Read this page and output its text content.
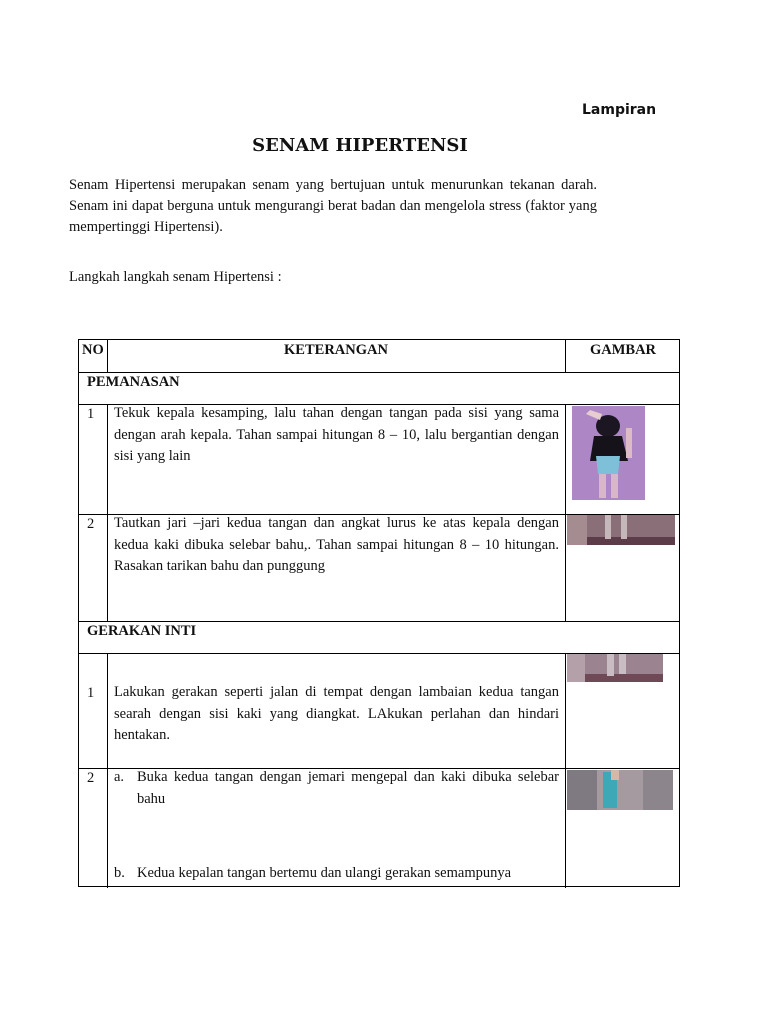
Lampiran
SENAM HIPERTENSI
Senam Hipertensi merupakan senam yang bertujuan untuk menurunkan tekanan darah. Senam ini dapat berguna untuk mengurangi berat badan dan mengelola stress (faktor yang mempertinggi Hipertensi).
Langkah langkah senam Hipertensi :
NO	KETERANGAN	GAMBAR
PEMANASAN
1 Tekuk kepala kesamping, lalu tahan dengan tangan pada sisi yang sama dengan arah kepala. Tahan sampai hitungan 8 – 10, lalu bergantian dengan sisi yang lain
2 Tautkan jari –jari kedua tangan dan angkat lurus ke atas kepala dengan kedua kaki dibuka selebar bahu,. Tahan sampai hitungan 8 – 10 hitungan. Rasakan tarikan bahu dan punggung
GERAKAN INTI
1 Lakukan gerakan seperti jalan di tempat dengan lambaian kedua tangan searah dengan sisi kaki yang diangkat. LAkukan perlahan dan hindari hentakan.
2 a. Buka kedua tangan dengan jemari mengepal dan kaki dibuka selebar bahu
b. Kedua kepalan tangan bertemu dan ulangi gerakan semampunya
